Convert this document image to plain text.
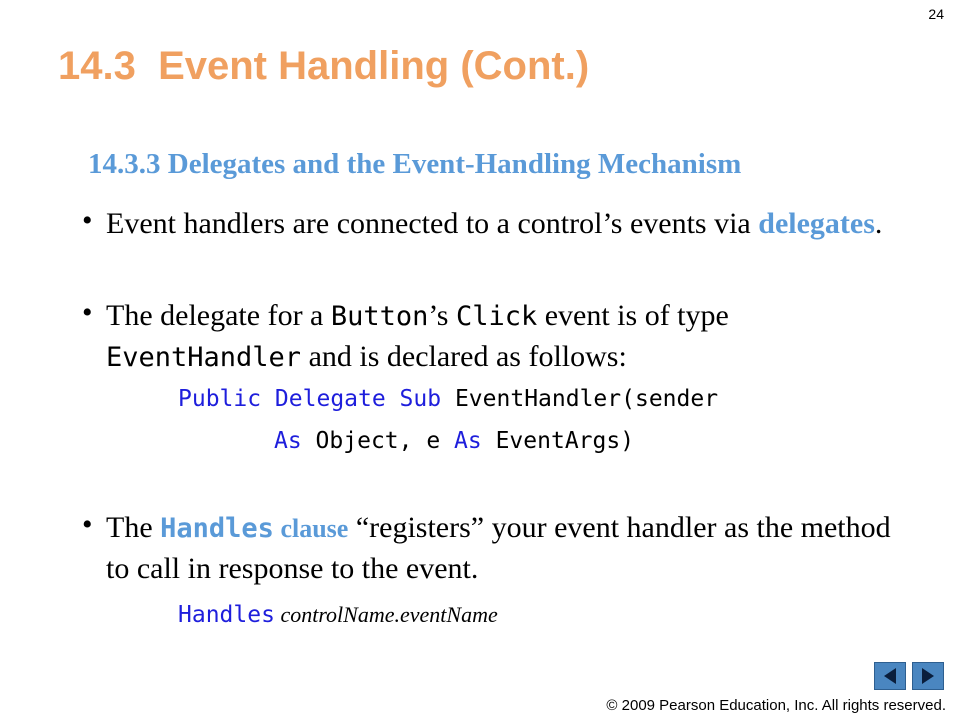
24
14.3  Event Handling (Cont.)
14.3.3 Delegates and the Event-Handling Mechanism
• Event handlers are connected to a control’s events via delegates.
• The delegate for a Button’s Click event is of type EventHandler and is declared as follows:
Public Delegate Sub EventHandler(sender
As Object, e As EventArgs)
• The Handles clause “registers” your event handler as the method to call in response to the event.
Handles controlName.eventName
© 2009 Pearson Education, Inc. All rights reserved.
